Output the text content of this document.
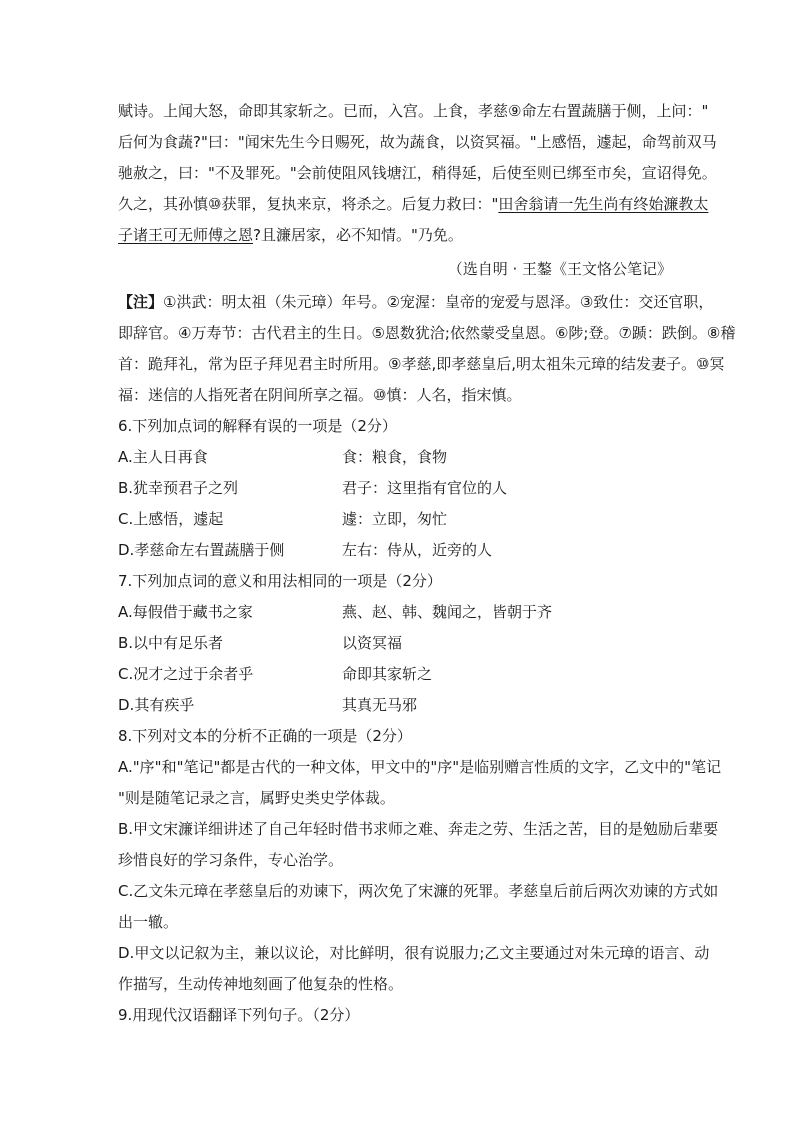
赋诗。上闻大怒，命即其家斩之。已而，入宫。上食，孝慈⑨命左右置蔬膳于侧，上问："
后何为食蔬?"曰："闻宋先生今日赐死，故为蔬食，以资冥福。"上感悟，遽起，命驾前双马
驰赦之，曰："不及罪死。"会前使阻风钱塘江，稍得延，后使至则已绑至市矣，宣诏得免。
久之，其孙慎⑩获罪，复执来京，将杀之。后复力救曰："田舍翁请一先生尚有终始濂教太
子诸王可无师傅之恩?且濂居家，必不知情。"乃免。
（选自明 · 王鏊《王文恪公笔记》
【注】①洪武：明太祖（朱元璋）年号。②宠渥：皇帝的宠爱与恩泽。③致仕：交还官职，
即辞官。④万寿节：古代君主的生日。⑤恩数犹洽;依然蒙受皇恩。⑥陟;登。⑦踬：跌倒。⑧稽
首：跪拜礼，常为臣子拜见君主时所用。⑨孝慈,即孝慈皇后,明太祖朱元璋的结发妻子。⑩冥
福：迷信的人指死者在阴间所享之福。⑩慎：人名，指宋慎。
6.下列加点词的解释有误的一项是（2分）
A.主人日再食	食：粮食，食物
B.犹幸预君子之列	君子：这里指有官位的人
C.上感悟，遽起	遽：立即，匆忙
D.孝慈命左右置蔬膳于侧	左右：侍从，近旁的人
7.下列加点词的意义和用法相同的一项是（2分）
A.每假借于藏书之家	燕、赵、韩、魏闻之，皆朝于齐
B.以中有足乐者	以资冥福
C.况才之过于余者乎	命即其家斩之
D.其有疾乎	其真无马邪
8.下列对文本的分析不正确的一项是（2分）
A."序"和"笔记"都是古代的一种文体，甲文中的"序"是临别赠言性质的文字，乙文中的"笔记
"则是随笔记录之言，属野史类史学体裁。
B.甲文宋濂详细讲述了自己年轻时借书求师之难、奔走之劳、生活之苦，目的是勉励后辈要
珍惜良好的学习条件，专心治学。
C.乙文朱元璋在孝慈皇后的劝谏下，两次免了宋濂的死罪。孝慈皇后前后两次劝谏的方式如
出一辙。
D.甲文以记叙为主，兼以议论，对比鲜明，很有说服力;乙文主要通过对朱元璋的语言、动
作描写，生动传神地刻画了他复杂的性格。
9.用现代汉语翻译下列句子。（2分）
